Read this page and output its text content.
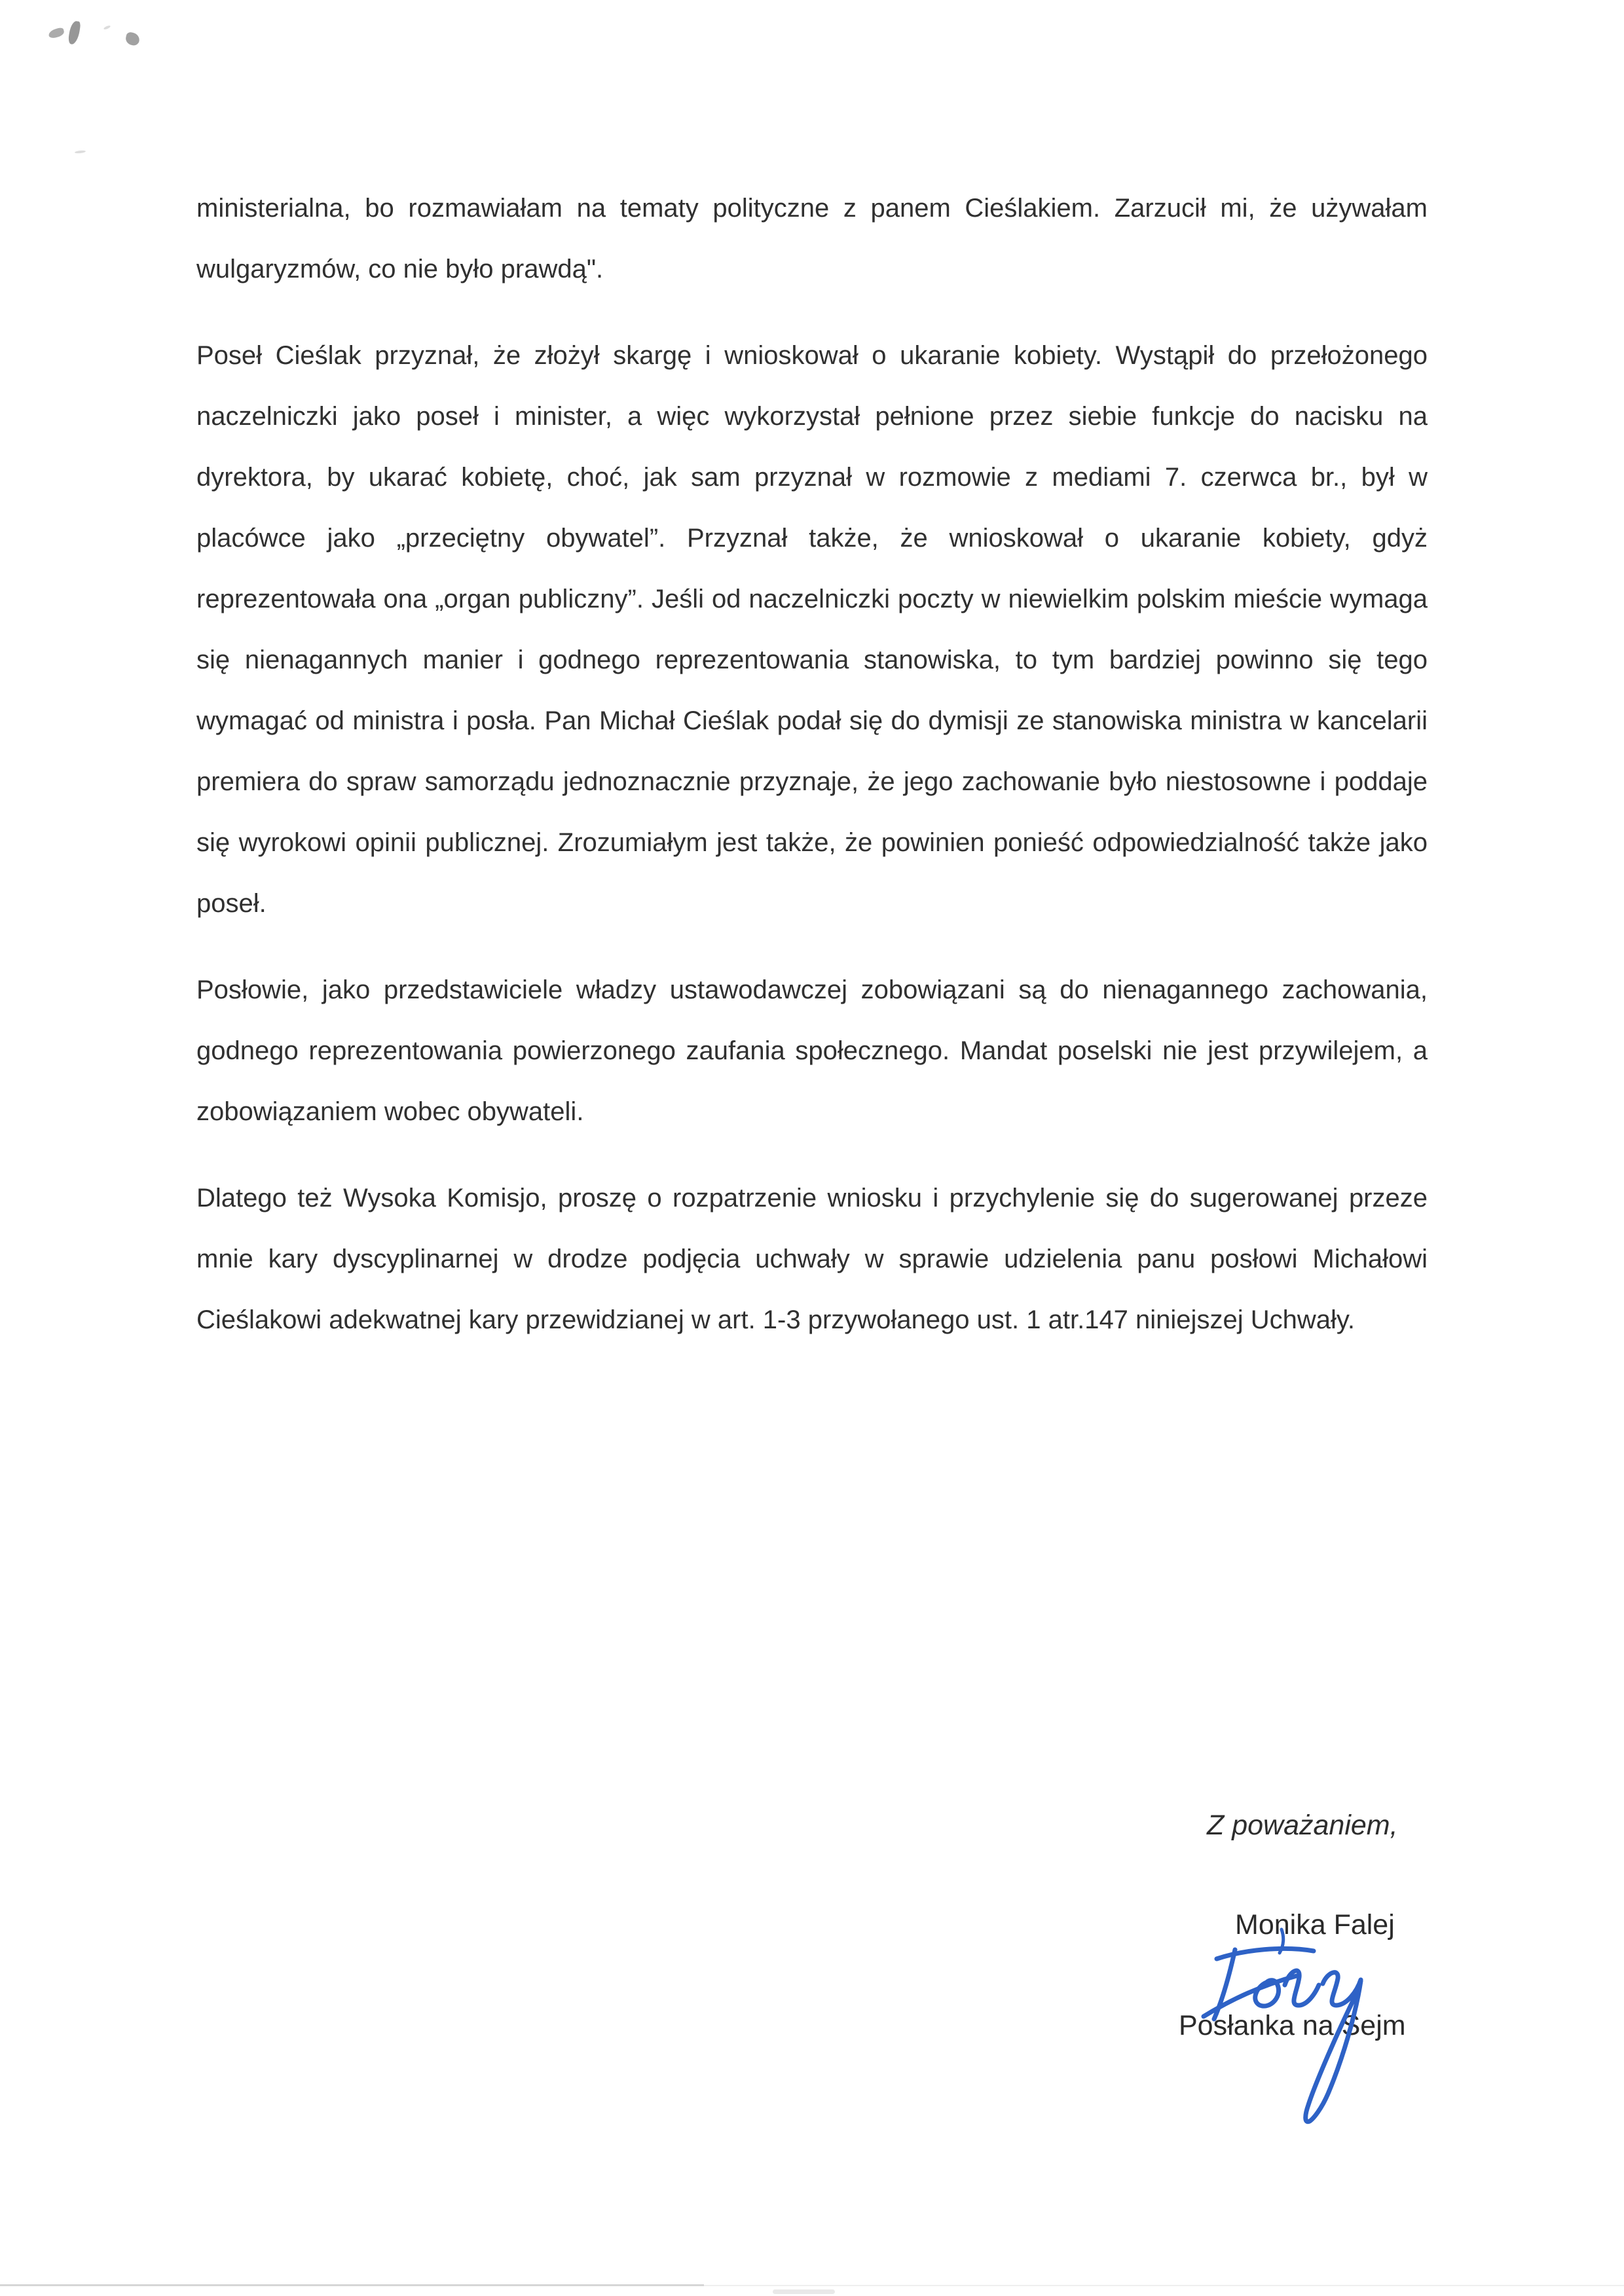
ministerialna, bo rozmawiałam na tematy polityczne z panem Cieślakiem. Zarzucił mi, że używałam wulgaryzmów, co nie było prawdą".

Poseł Cieślak przyznał, że złożył skargę i wnioskował o ukaranie kobiety. Wystąpił do przełożonego naczelniczki jako poseł i minister, a więc wykorzystał pełnione przez siebie funkcje do nacisku na dyrektora, by ukarać kobietę, choć, jak sam przyznał w rozmowie z mediami 7. czerwca br., był w placówce jako „przeciętny obywatel”. Przyznał także, że wnioskował o ukaranie kobiety, gdyż reprezentowała ona „organ publiczny”. Jeśli od naczelniczki poczty w niewielkim polskim mieście wymaga się nienagannych manier i godnego reprezentowania stanowiska, to tym bardziej powinno się tego wymagać od ministra i posła. Pan Michał Cieślak podał się do dymisji ze stanowiska ministra w kancelarii premiera do spraw samorządu jednoznacznie przyznaje, że jego zachowanie było niestosowne i poddaje się wyrokowi opinii publicznej. Zrozumiałym jest także, że powinien ponieść odpowiedzialność także jako poseł.

Posłowie, jako przedstawiciele władzy ustawodawczej zobowiązani są do nienagannego zachowania, godnego reprezentowania powierzonego zaufania społecznego. Mandat poselski nie jest przywilejem, a zobowiązaniem wobec obywateli.

Dlatego też Wysoka Komisjo, proszę o rozpatrzenie wniosku i przychylenie się do sugerowanej przeze mnie kary dyscyplinarnej w drodze podjęcia uchwały w sprawie udzielenia panu posłowi Michałowi Cieślakowi adekwatnej kary przewidzianej w art. 1-3 przywołanego ust. 1 atr.147 niniejszej Uchwały.

Z poważaniem,
Monika Falej
Posłanka na Sejm
